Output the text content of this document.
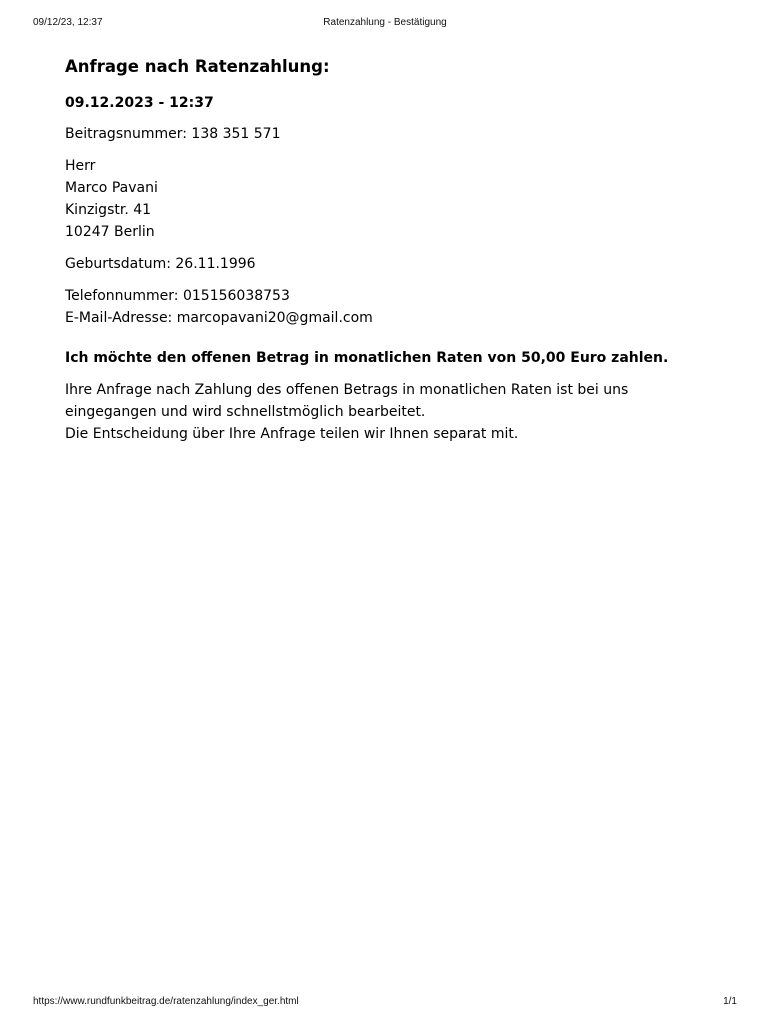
09/12/23, 12:37	Ratenzahlung - Bestätigung
Anfrage nach Ratenzahlung:
09.12.2023 - 12:37

Beitragsnummer: 138 351 571

Herr
Marco Pavani
Kinzigstr. 41
10247 Berlin

Geburtsdatum: 26.11.1996

Telefonnummer: 015156038753
E-Mail-Adresse: marcopavani20@gmail.com

Ich möchte den offenen Betrag in monatlichen Raten von 50,00 Euro zahlen.

Ihre Anfrage nach Zahlung des offenen Betrags in monatlichen Raten ist bei uns eingegangen und wird schnellstmöglich bearbeitet.
Die Entscheidung über Ihre Anfrage teilen wir Ihnen separat mit.
https://www.rundfunkbeitrag.de/ratenzahlung/index_ger.html	1/1
